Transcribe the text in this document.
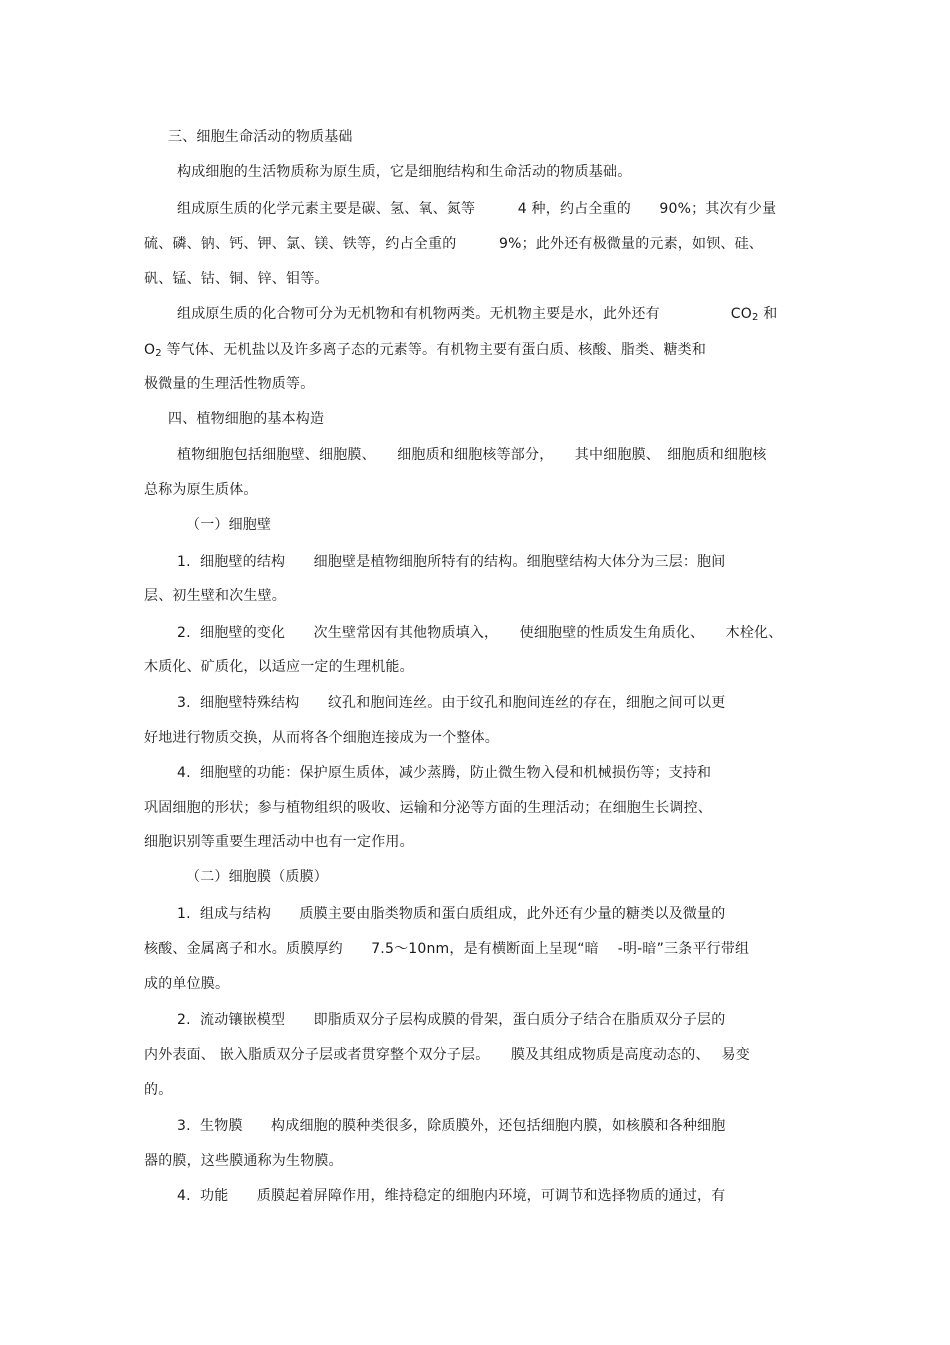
三、细胞生命活动的物质基础
构成细胞的生活物质称为原生质，它是细胞结构和生命活动的物质基础。
组成原生质的化学元素主要是碳、氢、氧、氮等　　　4 种，约占全重的　　90%；其次有少量
硫、磷、钠、钙、钾、氯、镁、铁等，约占全重的　　　9%；此外还有极微量的元素，如钡、硅、
矾、锰、钴、铜、锌、钼等。
组成原生质的化合物可分为无机物和有机物两类。无机物主要是水，此外还有　　　　　$CO_2$ 和
$O_2$ 等气体、无机盐以及许多离子态的元素等。有机物主要有蛋白质、核酸、脂类、糖类和
极微量的生理活性物质等。
四、植物细胞的基本构造
植物细胞包括细胞壁、细胞膜、　　细胞质和细胞核等部分，　　其中细胞膜、　细胞质和细胞核
总称为原生质体。
（一）细胞壁
1.  细胞壁的结构　　细胞壁是植物细胞所特有的结构。细胞壁结构大体分为三层：胞间
层、初生壁和次生壁。
2.  细胞壁的变化　　次生壁常因有其他物质填入，　　使细胞壁的性质发生角质化、　　木栓化、
木质化、矿质化，以适应一定的生理机能。
3.  细胞壁特殊结构　　纹孔和胞间连丝。由于纹孔和胞间连丝的存在，细胞之间可以更
好地进行物质交换，从而将各个细胞连接成为一个整体。
4.  细胞壁的功能：保护原生质体，减少蒸腾，防止微生物入侵和机械损伤等；支持和
巩固细胞的形状；参与植物组织的吸收、运输和分泌等方面的生理活动；在细胞生长调控、
细胞识别等重要生理活动中也有一定作用。
（二）细胞膜（质膜）
1.  组成与结构　　质膜主要由脂类物质和蛋白质组成，此外还有少量的糖类以及微量的
核酸、金属离子和水。质膜厚约　　7.5～10nm，是有横断面上呈现“暗　 -明-暗”三条平行带组
成的单位膜。
2.  流动镶嵌模型　　即脂质双分子层构成膜的骨架，蛋白质分子结合在脂质双分子层的
内外表面、 嵌入脂质双分子层或者贯穿整个双分子层。　　膜及其组成物质是高度动态的、　 易变
的。
3.  生物膜　　构成细胞的膜种类很多，除质膜外，还包括细胞内膜，如核膜和各种细胞
器的膜，这些膜通称为生物膜。
4.  功能　　质膜起着屏障作用，维持稳定的细胞内环境，可调节和选择物质的通过，有
